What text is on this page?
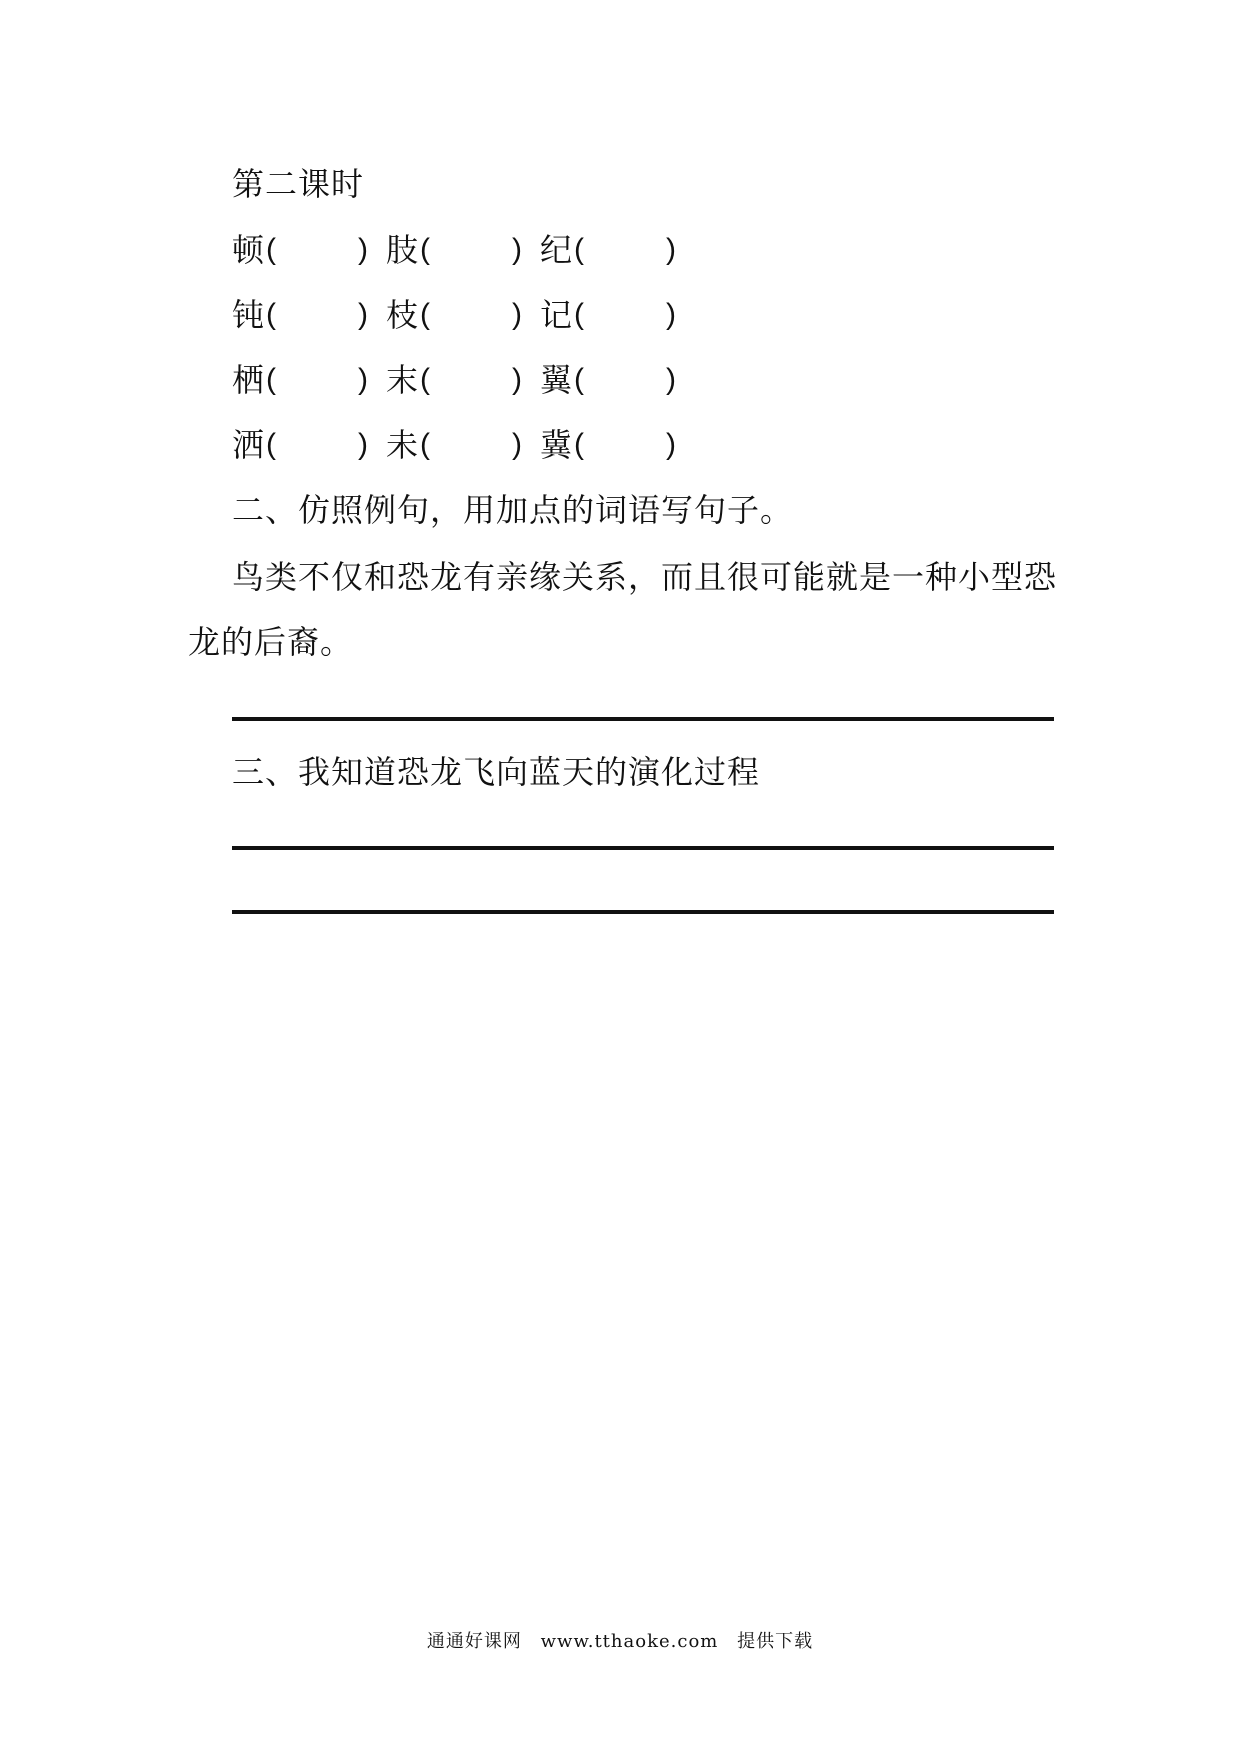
第二课时
顿 (	) 肢 (	) 纪 (	)
钝 (	) 枝 (	) 记 (	)
栖 (	) 末 (	) 翼 (	)
洒 (	) 未 (	) 冀 (	)
二、仿照例句，用加点的词语写句子。
鸟类不仅和恐龙有亲缘关系，而且很可能就是一种小型恐
龙的后裔。
三、我知道恐龙飞向蓝天的演化过程
通通好课网 www.tthaoke.com 提供下载
